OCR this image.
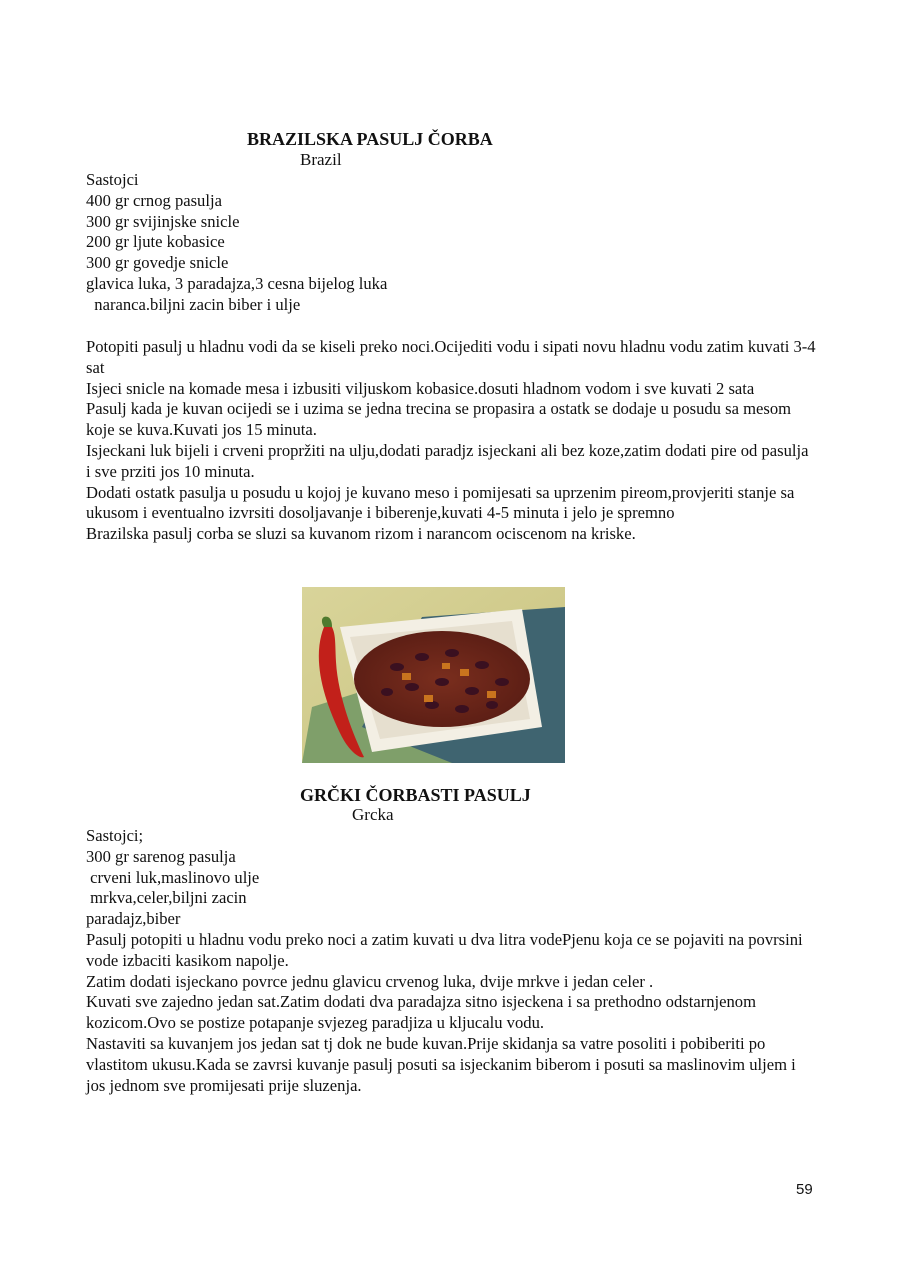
BRAZILSKA PASULJ ČORBA
Brazil
Sastojci
400 gr crnog pasulja
300 gr svijinjske snicle
200 gr ljute kobasice
300 gr govedje snicle
glavica luka, 3 paradajza,3 cesna bijelog luka
naranca.biljni zacin biber i ulje
Potopiti pasulj u hladnu vodi da se kiseli preko noci.Ocijediti vodu i sipati novu hladnu vodu zatim kuvati 3-4 sat
Isjeci snicle na komade mesa i izbusiti viljuskom kobasice.dosuti hladnom vodom i sve kuvati 2 sata
Pasulj kada je kuvan ocijedi se i uzima se jedna trecina se propasira a ostatk se dodaje u posudu sa mesom koje se kuva.Kuvati jos 15 minuta.
Isjeckani luk bijeli i crveni propržiti na ulju,dodati paradjz isjeckani ali bez koze,zatim dodati pire od pasulja i sve prziti jos 10 minuta.
Dodati ostatk pasulja u posudu u kojoj je kuvano meso i pomijesati sa uprzenim pireom,provjeriti stanje sa ukusom i eventualno izvrsiti dosoljavanje i biberenje,kuvati 4-5 minuta i jelo je spremno
Brazilska pasulj corba se sluzi sa kuvanom rizom i narancom ociscenom na kriske.
GRČKI ČORBASTI PASULJ
Grcka
Sastojci;
300 gr sarenog pasulja
crveni luk,maslinovo ulje
mrkva,celer,biljni zacin
paradajz,biber
Pasulj potopiti u hladnu vodu preko noci a zatim kuvati u dva litra vodePjenu koja ce se pojaviti na povrsini vode izbaciti kasikom napolje.
Zatim dodati isjeckano povrce jednu glavicu crvenog luka, dvije mrkve i jedan celer .
Kuvati sve zajedno jedan sat.Zatim dodati dva paradajza sitno isjeckena i sa prethodno odstarnjenom kozicom.Ovo se postize potapanje svjezeg paradjiza u kljucalu vodu.
Nastaviti sa kuvanjem jos jedan sat tj dok ne bude kuvan.Prije skidanja sa vatre posoliti i pobiberiti po vlastitom ukusu.Kada se zavrsi kuvanje pasulj posuti sa isjeckanim biberom i posuti sa maslinovim uljem i jos jednom sve promijesati prije sluzenja.
59
